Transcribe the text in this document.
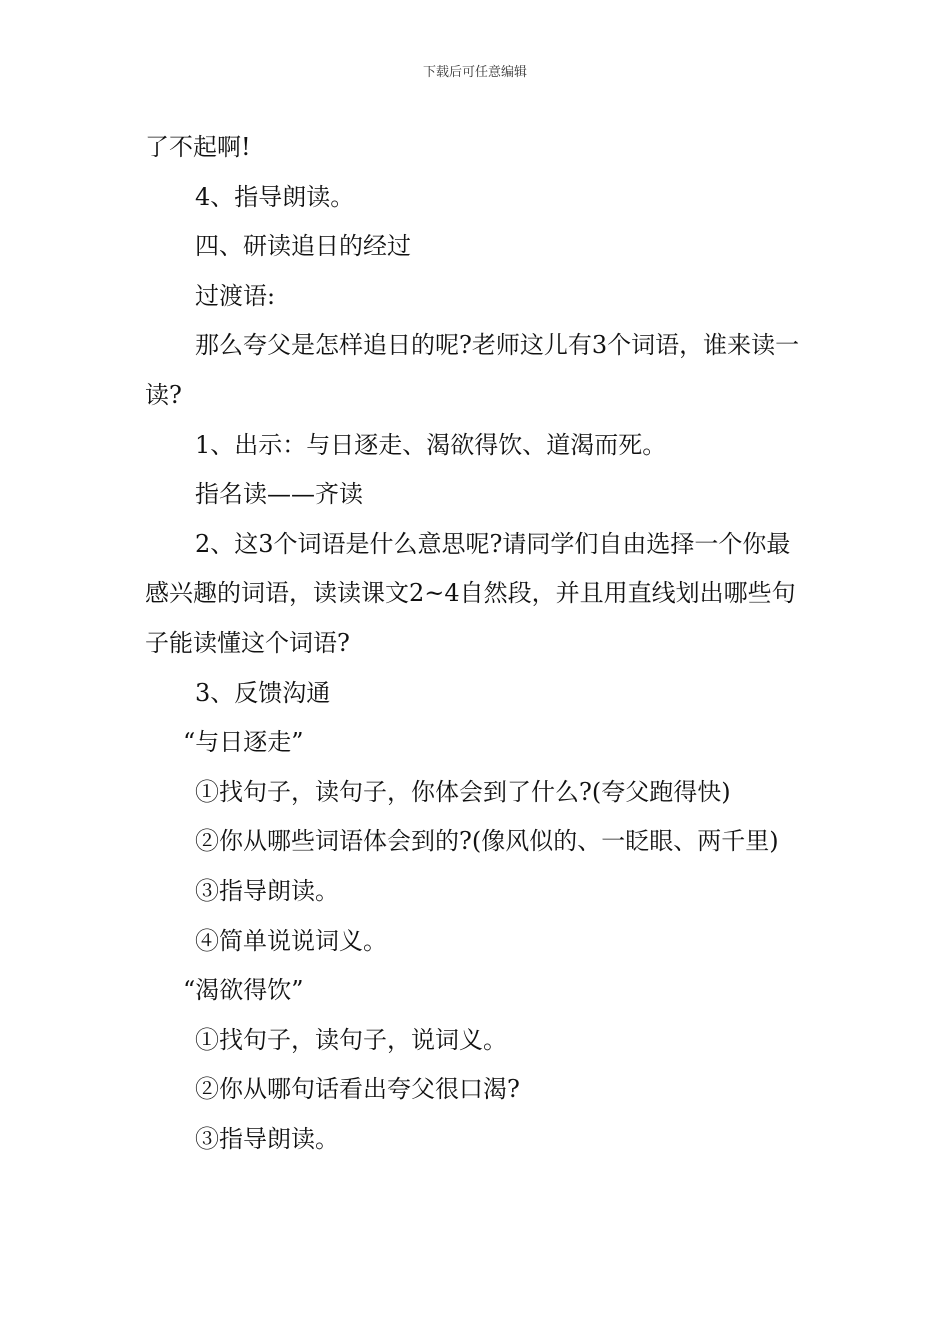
下载后可任意编辑

了不起啊!

4、指导朗读。

四、研读追日的经过

过渡语:

那么夸父是怎样追日的呢?老师这儿有3个词语，谁来读一读?

1、出示：与日逐走、渴欲得饮、道渴而死。

指名读——齐读

2、这3个词语是什么意思呢?请同学们自由选择一个你最感兴趣的词语，读读课文2~4自然段，并且用直线划出哪些句子能读懂这个词语?

3、反馈沟通

“与日逐走”

①找句子，读句子，你体会到了什么?(夸父跑得快)

②你从哪些词语体会到的?(像风似的、一眨眼、两千里)

③指导朗读。

④简单说说词义。

“渴欲得饮”

①找句子，读句子，说词义。

②你从哪句话看出夸父很口渴?

③指导朗读。
